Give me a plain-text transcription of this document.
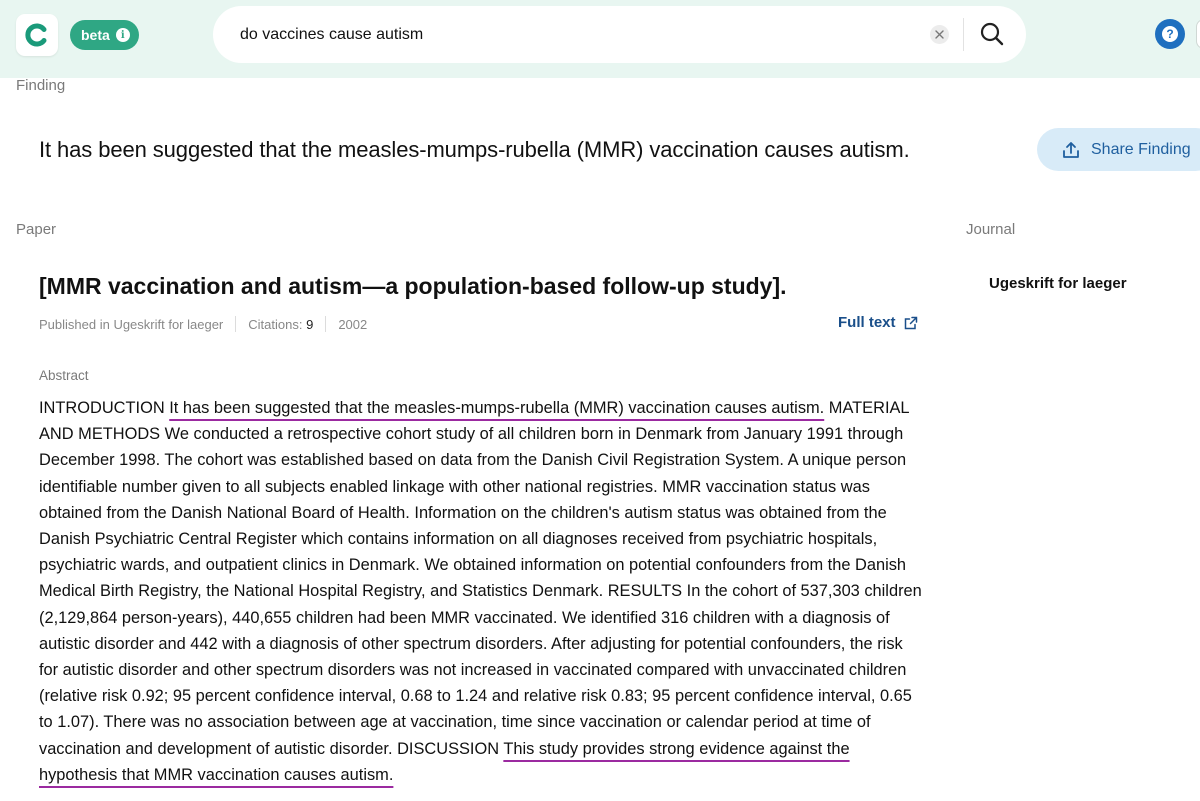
beta	i
do vaccines cause autism	?
Finding
It has been suggested that the measles-mumps-rubella (MMR) vaccination causes autism.	Share Finding
Paper	Journal
[MMR vaccination and autism—a population-based follow-up study].
Published in Ugeskrift for laeger Citations: 9 2002	Full text
Abstract
INTRODUCTION It has been suggested that the measles-mumps-rubella (MMR) vaccination causes autism. MATERIAL AND METHODS We conducted a retrospective cohort study of all children born in Denmark from January 1991 through December 1998. The cohort was established based on data from the Danish Civil Registration System. A unique person identifiable number given to all subjects enabled linkage with other national registries. MMR vaccination status was obtained from the Danish National Board of Health. Information on the children's autism status was obtained from the Danish Psychiatric Central Register which contains information on all diagnoses received from psychiatric hospitals, psychiatric wards, and outpatient clinics in Denmark. We obtained information on potential confounders from the Danish Medical Birth Registry, the National Hospital Registry, and Statistics Denmark. RESULTS In the cohort of 537,303 children (2,129,864 person-years), 440,655 children had been MMR vaccinated. We identified 316 children with a diagnosis of autistic disorder and 442 with a diagnosis of other spectrum disorders. After adjusting for potential confounders, the risk for autistic disorder and other spectrum disorders was not increased in vaccinated compared with unvaccinated children (relative risk 0.92; 95 percent confidence interval, 0.68 to 1.24 and relative risk 0.83; 95 percent confidence interval, 0.65 to 1.07). There was no association between age at vaccination, time since vaccination or calendar period at time of vaccination and development of autistic disorder. DISCUSSION This study provides strong evidence against the hypothesis that MMR vaccination causes autism.
Ugeskrift for laeger
